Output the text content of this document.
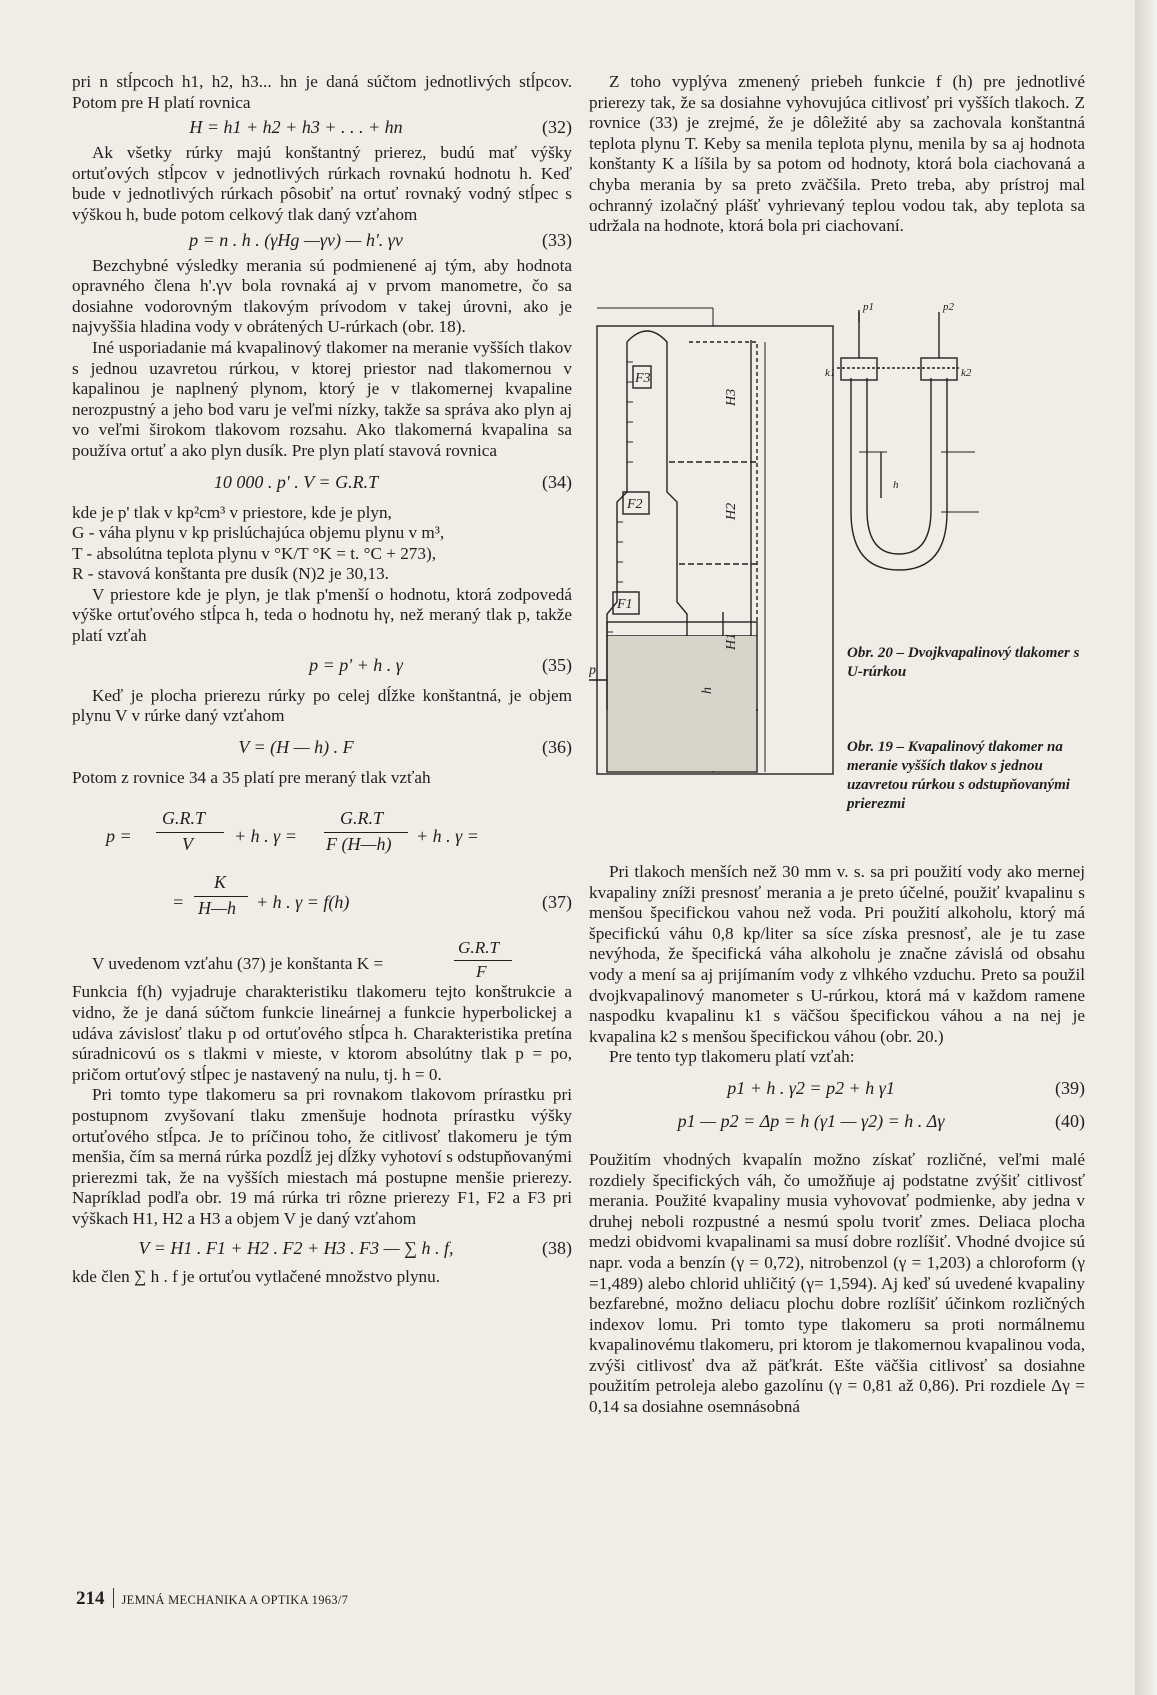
pri n stĺpcoch h1, h2, h3... hn je daná súčtom jednotlivých stĺpcov. Potom pre H platí rovnica

H = h1 + h2 + h3 + . . . + hn	(32)

Ak všetky rúrky majú konštantný prierez, budú mať výšky ortuťových stĺpcov v jednotlivých rúrkach rovnakú hodnotu h. Keď bude v jednotlivých rúrkach pôsobiť na ortuť rovnaký vodný stĺpec s výškou h, bude potom celkový tlak daný vzťahom

p = n . h . (γHg —γv) — h'. γv	(33)

Bezchybné výsledky merania sú podmienené aj tým, aby hodnota opravného člena h'.γv bola rovnaká aj v prvom manometre, čo sa dosiahne vodorovným tlakovým prívodom v takej úrovni, ako je najvyššia hladina vody v obrátených U-rúrkach (obr. 18).

Iné usporiadanie má kvapalinový tlakomer na meranie vyšších tlakov s jednou uzavretou rúrkou, v ktorej priestor nad tlakomernou v kapalinou je naplnený plynom, ktorý je v tlakomernej kvapaline nerozpustný a jeho bod varu je veľmi nízky, takže sa správa ako plyn aj vo veľmi širokom tlakovom rozsahu. Ako tlakomerná kvapalina sa používa ortuť a ako plyn dusík. Pre plyn platí stavová rovnica

10 000 . p' . V = G.R.T	(34)

kde je p' tlak v kp²cm³ v priestore, kde je plyn,

G - váha plynu v kp prislúchajúca objemu plynu v m³,

T - absolútna teplota plynu v °K/T °K = t. °C + 273),

R - stavová konštanta pre dusík (N)2 je 30,13.

V priestore kde je plyn, je tlak p'menší o hodnotu, ktorá zodpovedá výške ortuťového stĺpca h, teda o hodnotu hγ, než meraný tlak p, takže platí vzťah

p = p' + h . γ	(35)

Keď je plocha prierezu rúrky po celej dĺžke konštantná, je objem plynu V v rúrke daný vzťahom

V = (H — h) . F	(36)

Potom z rovnice 34 a 35 platí pre meraný tlak vzťah

p =
G.R.T
V + h . γ =
G.R.T
F (H—h) + h . γ =
=
K
H—h + h . γ = f(h)	(37)
V uvedenom vzťahu (37) je konštanta K =
G.R.T
F

Funkcia f(h) vyjadruje charakteristiku tlakomeru tejto konštrukcie a vidno, že je daná súčtom funkcie lineárnej a funkcie hyperbolickej a udáva závislosť tlaku p od ortuťového stĺpca h. Charakteristika pretína súradnicovú os s tlakmi v mieste, v ktorom absolútny tlak p = po, pričom ortuťový stĺpec je nastavený na nulu, tj. h = 0.

Pri tomto type tlakomeru sa pri rovnakom tlakovom prírastku pri postupnom zvyšovaní tlaku zmenšuje hodnota prírastku výšky ortuťového stĺpca. Je to príčinou toho, že citlivosť tlakomeru je tým menšia, čím sa merná rúrka pozdĺž jej dĺžky vyhotoví s odstupňovanými prierezmi tak, že na vyšších miestach má postupne menšie prierezy. Napríklad podľa obr. 19 má rúrka tri rôzne prierezy F1, F2 a F3 pri výškach H1, H2 a H3 a objem V je daný vzťahom

V = H1 . F1 + H2 . F2 + H3 . F3 — ∑ h . f,	(38)

kde člen ∑ h . f je ortuťou vytlačené množstvo plynu.

Z toho vyplýva zmenený priebeh funkcie f (h) pre jednotlivé prierezy tak, že sa dosiahne vyhovujúca citlivosť pri vyšších tlakoch. Z rovnice (33) je zrejmé, že je dôležité aby sa zachovala konštantná teplota plynu T. Keby sa menila teplota plynu, menila by sa aj hodnota konštanty K a líšila by sa potom od hodnoty, ktorá bola ciachovaná a chyba merania by sa preto zväčšila. Preto treba, aby prístroj mal ochranný izolačný plášť vyhrievaný teplou vodou tak, aby teplota sa udržala na hodnote, ktorá bola pri ciachovaní.

F3
F2
F1
H3
H2
H1
h
p
p1	p2
k1	k2
h
Obr. 20 – Dvojkvapalinový tlakomer s U-rúrkou
Obr. 19 – Kvapalinový tlakomer na meranie vyšších tlakov s jednou uzavretou rúrkou s odstupňovanými prierezmi

Pri tlakoch menších než 30 mm v. s. sa pri použití vody ako mernej kvapaliny zníži presnosť merania a je preto účelné, použiť kvapalinu s menšou špecifickou vahou než voda. Pri použití alkoholu, ktorý má špecifickú váhu 0,8 kp/liter sa síce získa presnosť, ale je tu zase nevýhoda, že špecifická váha alkoholu je značne závislá od obsahu vody a mení sa aj prijímaním vody z vlhkého vzduchu. Preto sa použil dvojkvapalinový manometer s U-rúrkou, ktorá má v každom ramene naspodku kvapalinu k1 s väčšou špecifickou váhou a na nej je kvapalina k2 s menšou špecifickou váhou (obr. 20.)

Pre tento typ tlakomeru platí vzťah:

p1 + h . γ2 = p2 + h γ1	(39)
p1 — p2 = Δp = h (γ1 — γ2) = h . Δγ	(40)

Použitím vhodných kvapalín možno získať rozličné, veľmi malé rozdiely špecifických váh, čo umožňuje aj podstatne zvýšiť citlivosť merania. Použité kvapaliny musia vyhovovať podmienke, aby jedna v druhej neboli rozpustné a nesmú spolu tvoriť zmes. Deliaca plocha medzi obidvomi kvapalinami sa musí dobre rozlíšiť. Vhodné dvojice sú napr. voda a benzín (γ = 0,72), nitrobenzol (γ = 1,203) a chloroform (γ =1,489) alebo chlorid uhličitý (γ= 1,594). Aj keď sú uvedené kvapaliny bezfarebné, možno deliacu plochu dobre rozlíšiť účinkom rozličných indexov lomu. Pri tomto type tlakomeru sa proti normálnemu kvapalinovému tlakomeru, pri ktorom je tlakomernou kvapalinou voda, zvýši citlivosť dva až päťkrát. Ešte väčšia citlivosť sa dosiahne použitím petroleja alebo gazolínu (γ = 0,81 až 0,86). Pri rozdiele Δγ = 0,14 sa dosiahne osemnásobná

214 JEMNÁ MECHANIKA A OPTIKA 1963/7
